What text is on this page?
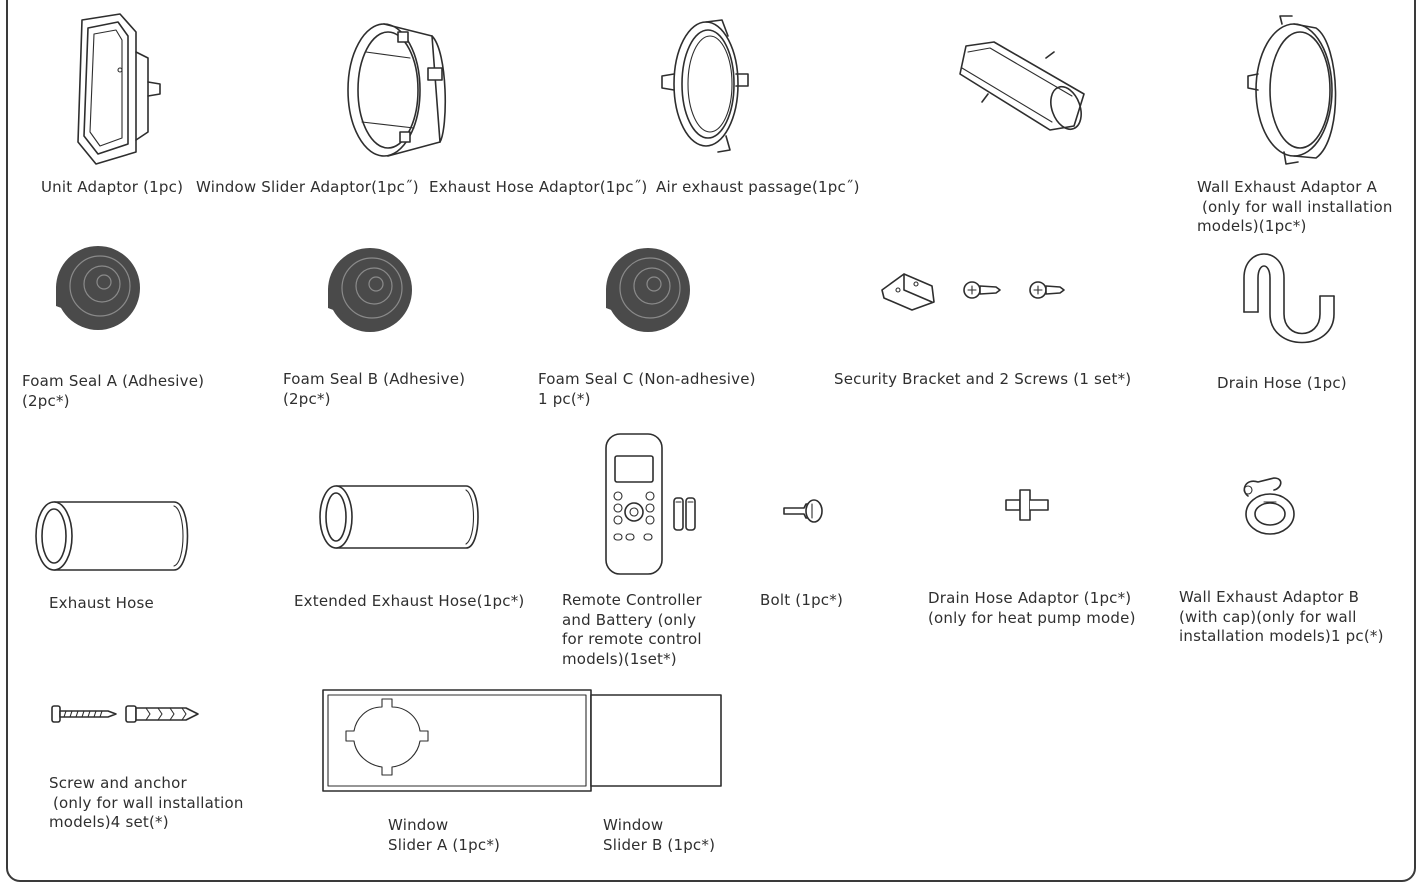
Unit Adaptor (1pc) Window Slider Adaptor(1pc˝) Exhaust Hose Adaptor(1pc˝) Air exhaust passage(1pc˝)	Wall Exhaust Adaptor A
(only for wall installation
models)(1pc*)
Foam Seal A (Adhesive)
(2pc*)
Foam Seal B (Adhesive)
(2pc*)
Foam Seal C (Non-adhesive)
1 pc(*)
Security Bracket and 2 Screws (1 set*)	Drain Hose (1pc)
Exhaust Hose	Extended Exhaust Hose(1pc*)	Remote Controller
and Battery (only
for remote control
models)(1set*)
Bolt (1pc*)	Drain Hose Adaptor (1pc*)
(only for heat pump mode)
Wall Exhaust Adaptor B
(with cap)(only for wall
installation models)1 pc(*)
Screw and anchor
(only for wall installation
models)4 set(*)	Window
Slider A (1pc*)
Window
Slider B (1pc*)
